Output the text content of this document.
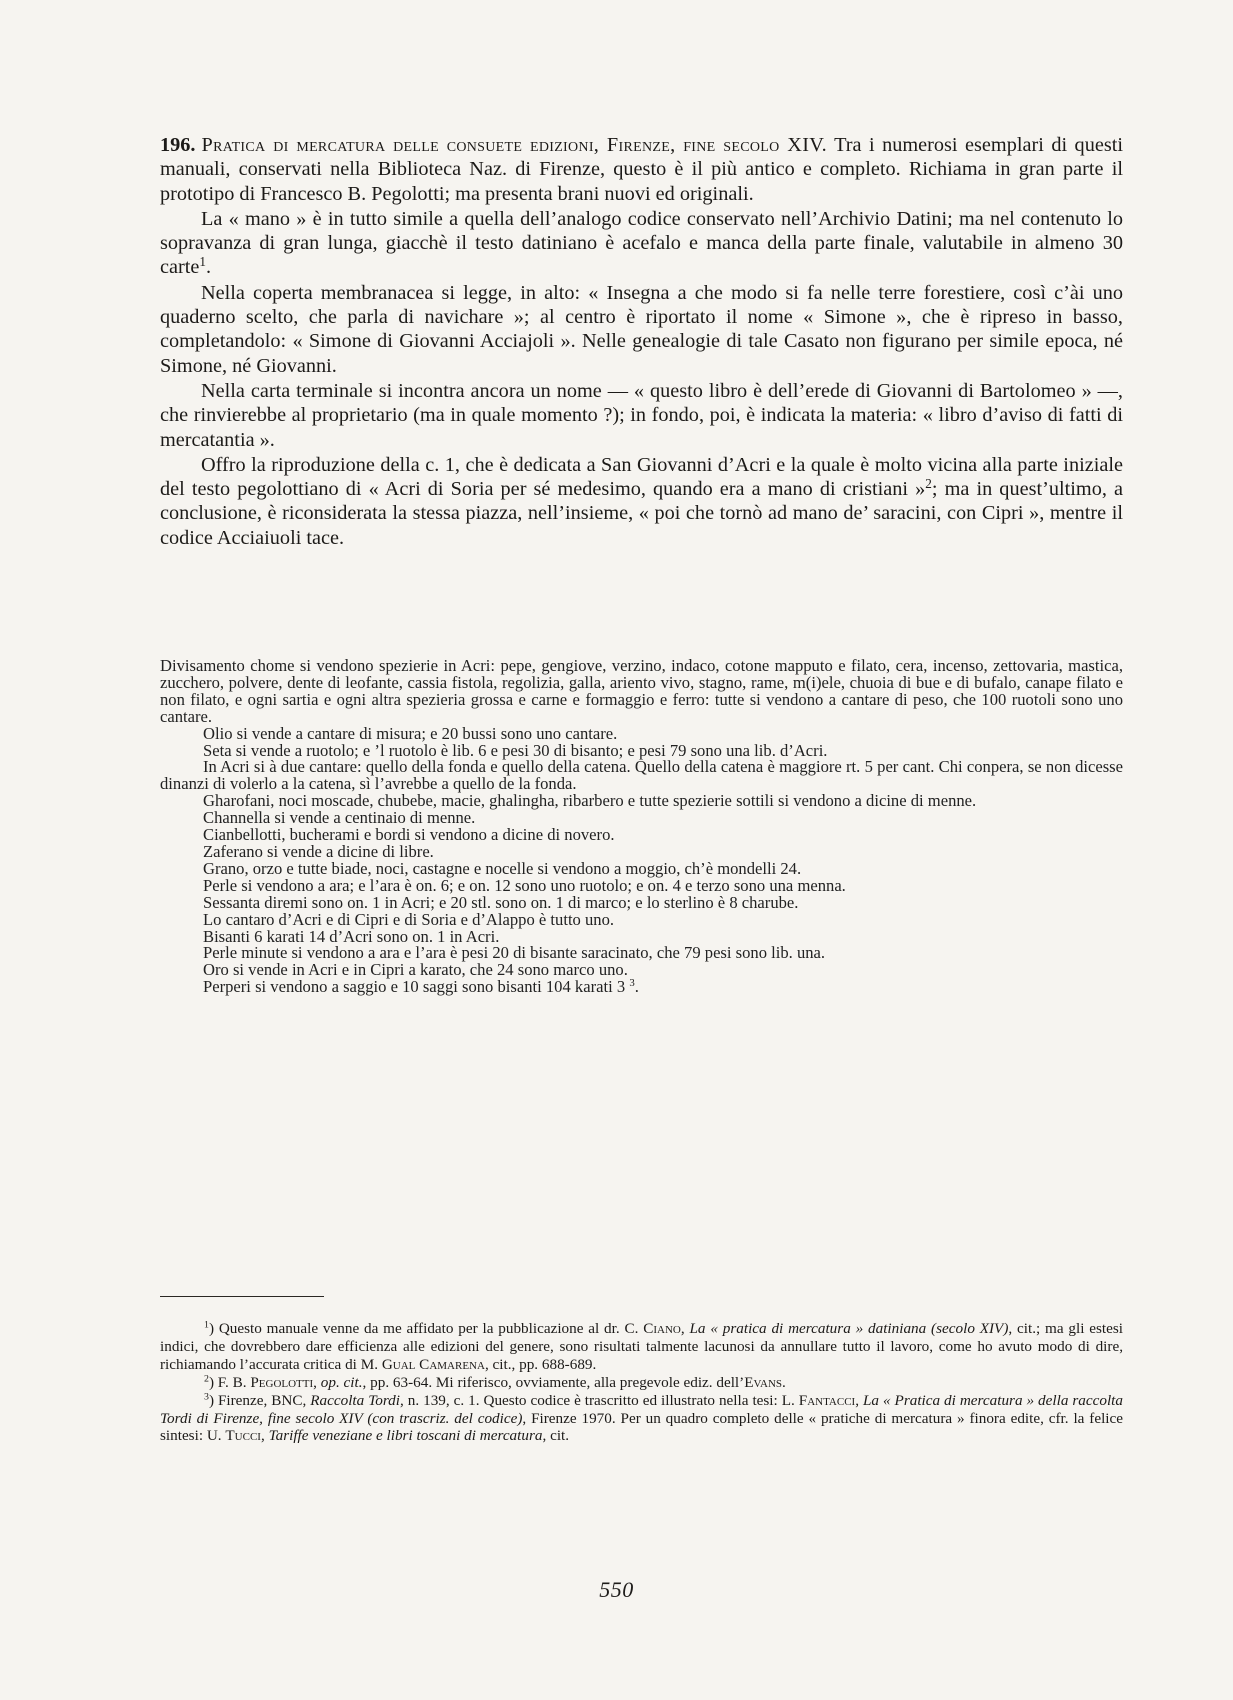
196. Pratica di mercatura delle consuete edizioni, Firenze, fine secolo XIV. Tra i numerosi esemplari di questi manuali, conservati nella Biblioteca Naz. di Firenze, questo è il più antico e completo. Richiama in gran parte il prototipo di Francesco B. Pegolotti; ma presenta brani nuovi ed originali.

La « mano » è in tutto simile a quella dell’analogo codice conservato nell’Archivio Datini; ma nel contenuto lo sopravanza di gran lunga, giacchè il testo datiniano è acefalo e manca della parte finale, valutabile in almeno 30 carte$^1$.

Nella coperta membranacea si legge, in alto: « Insegna a che modo si fa nelle terre forestiere, così c’ài uno quaderno scelto, che parla di navichare »; al centro è riportato il nome « Simone », che è ripreso in basso, completandolo: « Simone di Giovanni Acciajoli ». Nelle genealogie di tale Casato non figurano per simile epoca, né Simone, né Giovanni.

Nella carta terminale si incontra ancora un nome — « questo libro è dell’erede di Giovanni di Bartolomeo » —, che rinvierebbe al proprietario (ma in quale momento ?); in fondo, poi, è indicata la materia: « libro d’aviso di fatti di mercatantia ».

Offro la riproduzione della c. 1, che è dedicata a San Giovanni d’Acri e la quale è molto vicina alla parte iniziale del testo pegolottiano di « Acri di Soria per sé medesimo, quando era a mano di cristiani »$^2$; ma in quest’ultimo, a conclusione, è riconsiderata la stessa piazza, nell’insieme, « poi che tornò ad mano de’ saracini, con Cipri », mentre il codice Acciaiuoli tace.

Divisamento chome si vendono spezierie in Acri: pepe, gengiove, verzino, indaco, cotone mapputo e filato, cera, incenso, zettovaria, mastica, zucchero, polvere, dente di leofante, cassia fistola, regolizia, galla, ariento vivo, stagno, rame, m(i)ele, chuoia di bue e di bufalo, canape filato e non filato, e ogni sartia e ogni altra spezieria grossa e carne e formaggio e ferro: tutte si vendono a cantare di peso, che 100 ruotoli sono uno cantare.

Olio si vende a cantare di misura; e 20 bussi sono uno cantare.

Seta si vende a ruotolo; e ’l ruotolo è lib. 6 e pesi 30 di bisanto; e pesi 79 sono una lib. d’Acri.

In Acri si à due cantare: quello della fonda e quello della catena. Quello della catena è maggiore rt. 5 per cant. Chi conpera, se non dicesse dinanzi di volerlo a la catena, sì l’avrebbe a quello de la fonda.

Gharofani, noci moscade, chubebe, macie, ghalingha, ribarbero e tutte spezierie sottili si vendono a dicine di menne.

Channella si vende a centinaio di menne.

Cianbellotti, bucherami e bordi si vendono a dicine di novero.

Zaferano si vende a dicine di libre.

Grano, orzo e tutte biade, noci, castagne e nocelle si vendono a moggio, ch’è mondelli 24.

Perle si vendono a ara; e l’ara è on. 6; e on. 12 sono uno ruotolo; e on. 4 e terzo sono una menna.

Sessanta diremi sono on. 1 in Acri; e 20 stl. sono on. 1 di marco; e lo sterlino è 8 charube.

Lo cantaro d’Acri e di Cipri e di Soria e d’Alappo è tutto uno.

Bisanti 6 karati 14 d’Acri sono on. 1 in Acri.

Perle minute si vendono a ara e l’ara è pesi 20 di bisante saracinato, che 79 pesi sono lib. una.

Oro si vende in Acri e in Cipri a karato, che 24 sono marco uno.

Perperi si vendono a saggio e 10 saggi sono bisanti 104 karati 3 $^3$.

$^1$) Questo manuale venne da me affidato per la pubblicazione al dr. C. Ciano, La « pratica di mercatura » datiniana (secolo XIV), cit.; ma gli estesi indici, che dovrebbero dare efficienza alle edizioni del genere, sono risultati talmente lacunosi da annullare tutto il lavoro, come ho avuto modo di dire, richiamando l’accurata critica di M. Gual Camarena, cit., pp. 688-689.

$^2$) F. B. Pegolotti, op. cit., pp. 63-64. Mi riferisco, ovviamente, alla pregevole ediz. dell’Evans.

$^3$) Firenze, BNC, Raccolta Tordi, n. 139, c. 1. Questo codice è trascritto ed illustrato nella tesi: L. Fantacci, La « Pratica di mercatura » della raccolta Tordi di Firenze, fine secolo XIV (con trascriz. del codice), Firenze 1970. Per un quadro completo delle « pratiche di mercatura » finora edite, cfr. la felice sintesi: U. Tucci, Tariffe veneziane e libri toscani di mercatura, cit.

550
